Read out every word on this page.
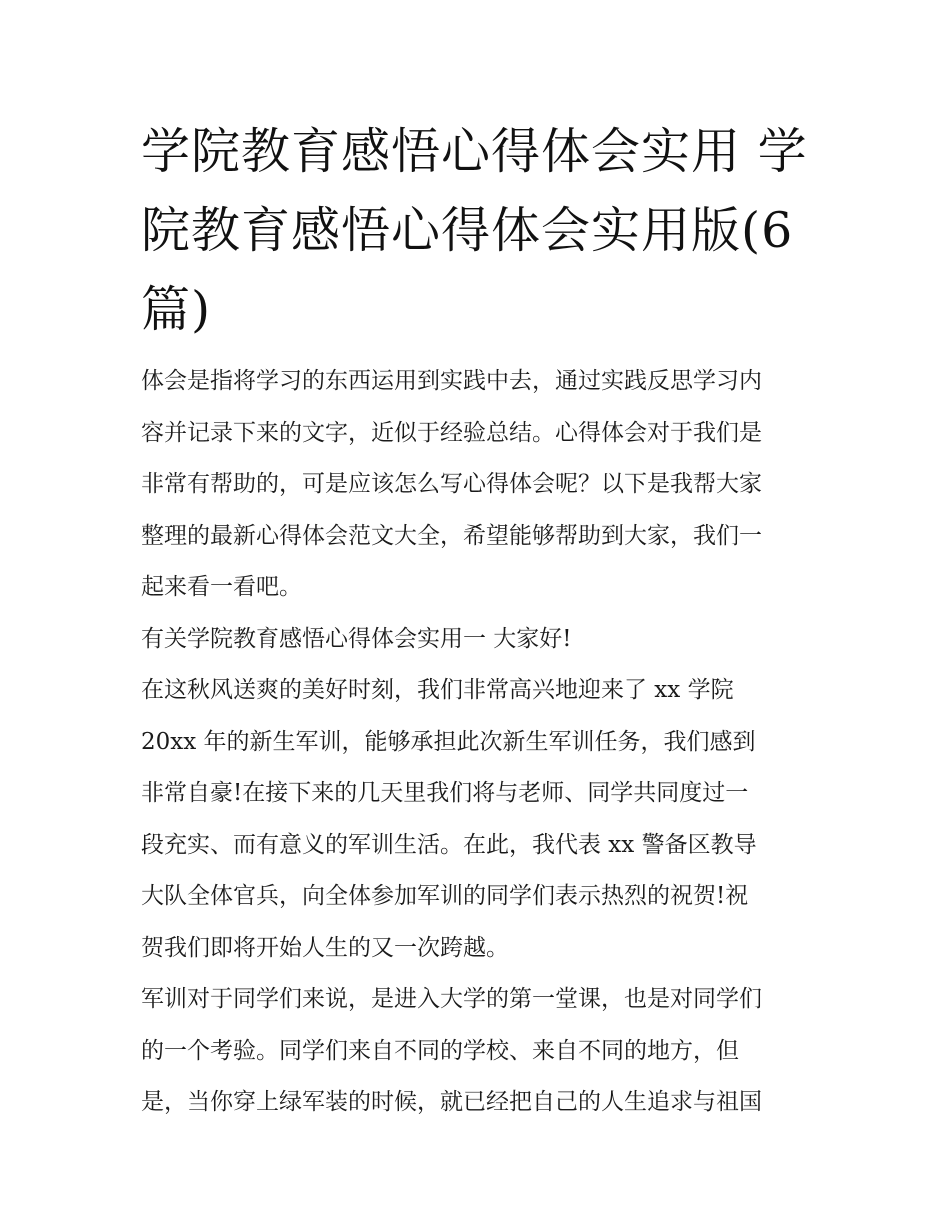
学院教育感悟心得体会实用 学
院教育感悟心得体会实用版(6
篇)
体会是指将学习的东西运用到实践中去，通过实践反思学习内
容并记录下来的文字，近似于经验总结。心得体会对于我们是
非常有帮助的，可是应该怎么写心得体会呢？以下是我帮大家
整理的最新心得体会范文大全，希望能够帮助到大家，我们一
起来看一看吧。
有关学院教育感悟心得体会实用一 大家好!
在这秋风送爽的美好时刻，我们非常高兴地迎来了 xx 学院
20xx 年的新生军训，能够承担此次新生军训任务，我们感到
非常自豪!在接下来的几天里我们将与老师、同学共同度过一
段充实、而有意义的军训生活。在此，我代表 xx 警备区教导
大队全体官兵，向全体参加军训的同学们表示热烈的祝贺!祝
贺我们即将开始人生的又一次跨越。
军训对于同学们来说，是进入大学的第一堂课，也是对同学们
的一个考验。同学们来自不同的学校、来自不同的地方，但
是，当你穿上绿军装的时候，就已经把自己的人生追求与祖国
